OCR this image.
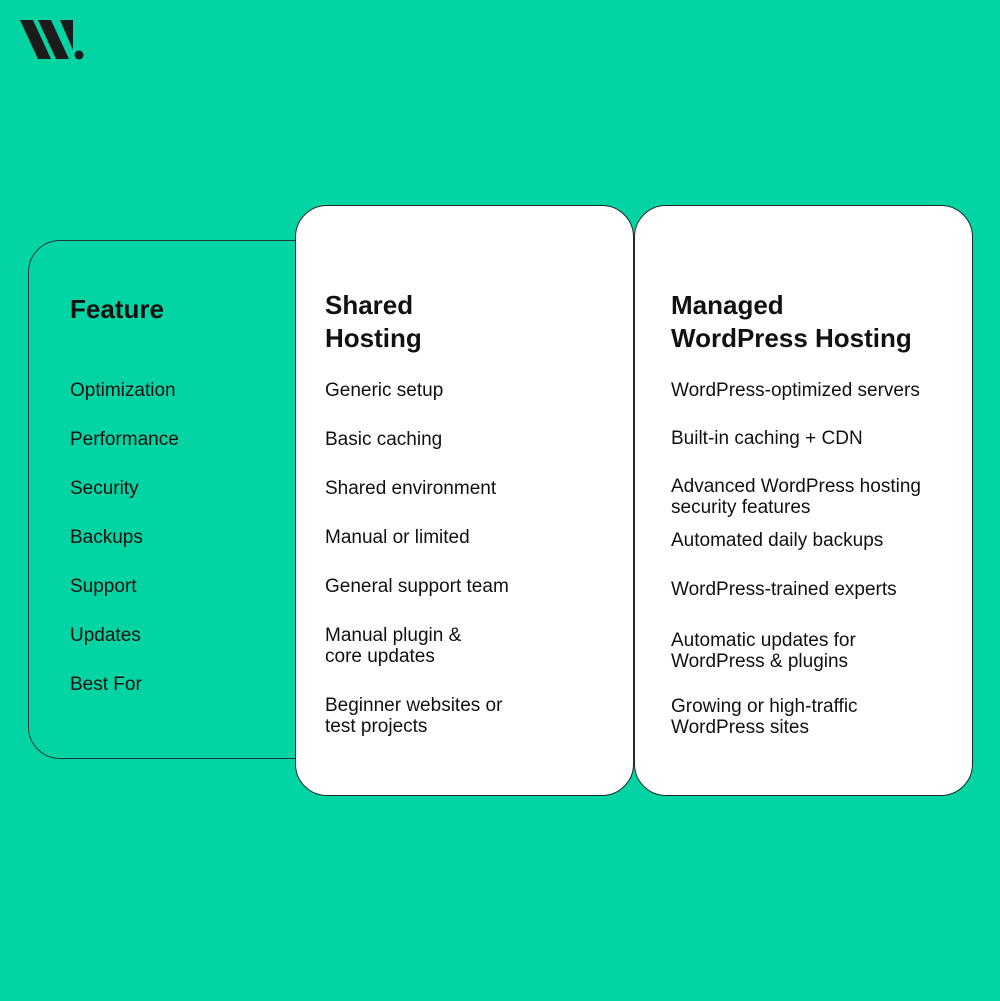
Feature	Shared
Hosting
Managed
WordPress Hosting
Optimization
Performance
Security
Backups
Support
Updates
Best For
Generic setup
Basic caching
Shared environment
Manual or limited
General support team
Manual plugin &
core updates
Beginner websites or
test projects
WordPress-optimized servers
Built-in caching + CDN
Advanced WordPress hosting
security features
Automated daily backups
WordPress-trained experts
Automatic updates for
WordPress & plugins
Growing or high-traffic
WordPress sites
